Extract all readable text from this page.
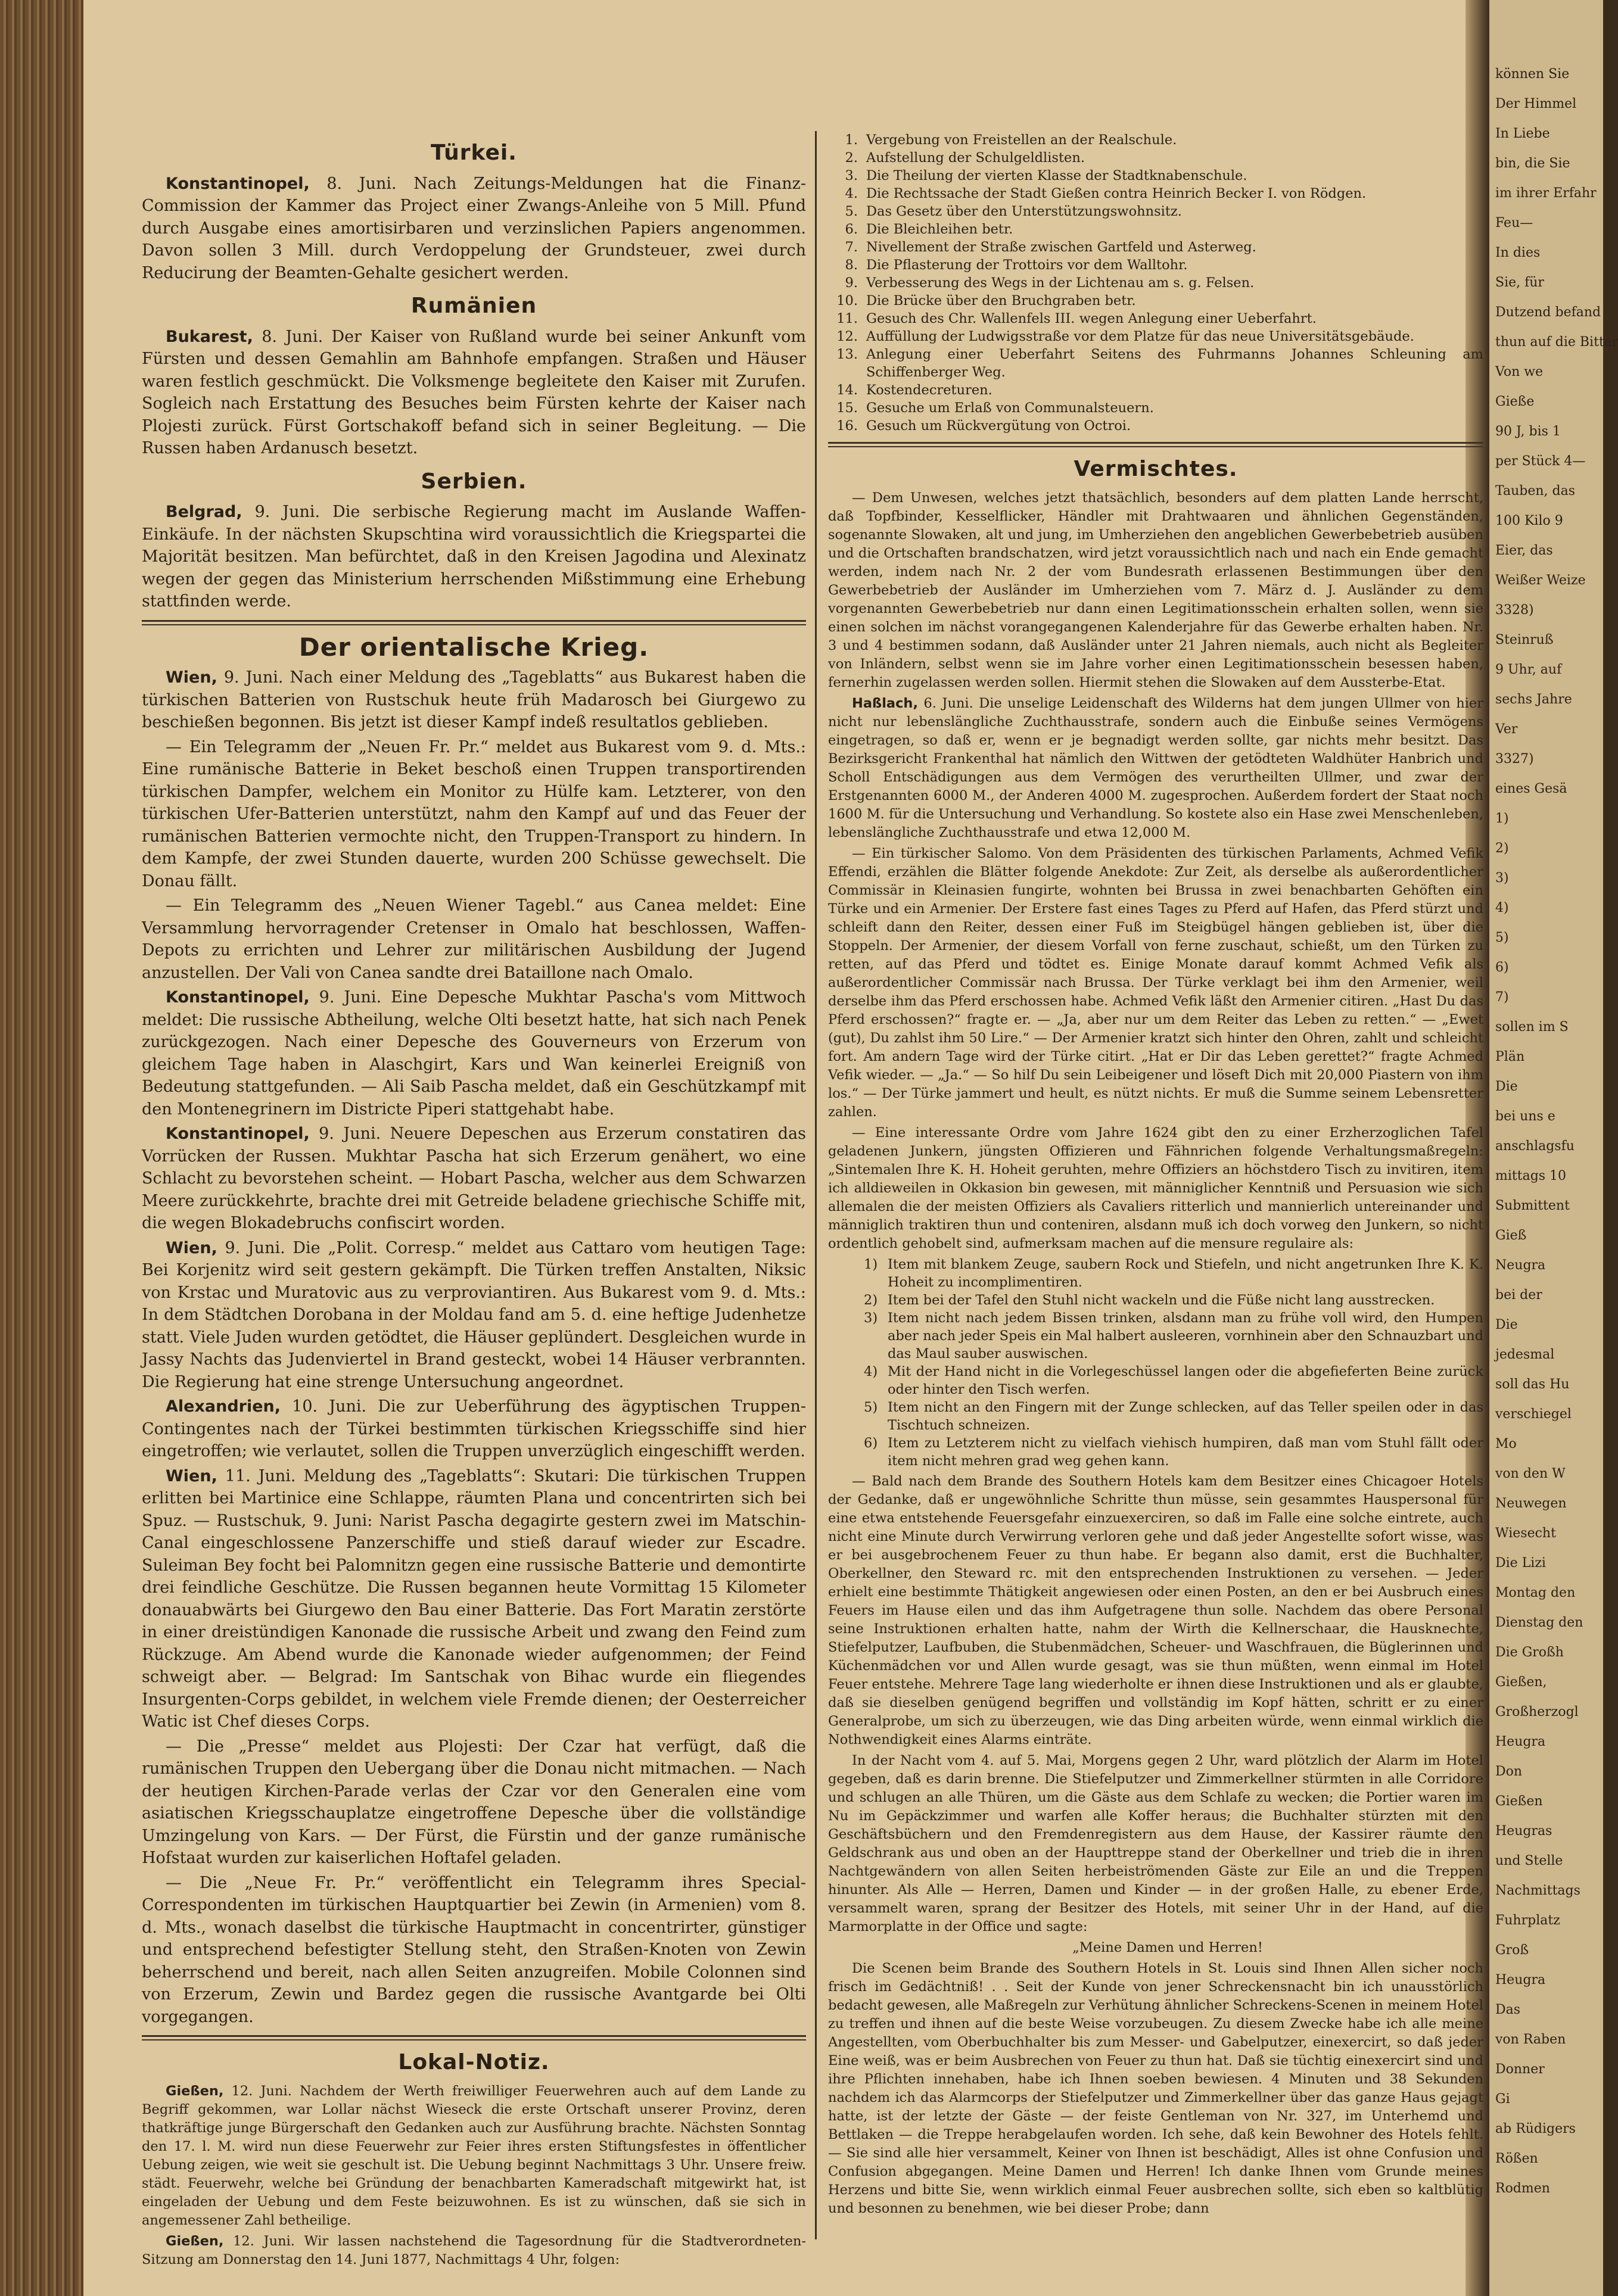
können Sie
Der Himmel
In Liebe
bin, die Sie
im ihrer Erfahr
Feu—
In dies
Sie, für
Dutzend befand
thun auf die Bitter
Von we
Gieße
90 J, bis 1
per Stück 4—
Tauben, das
100 Kilo 9
Eier, das
Weißer Weize
3328)
Steinruß
9 Uhr, auf
sechs Jahre
Ver
3327)
eines Gesä
1)
2)
3)
4)
5)
6)
7)
sollen im S
Plän
Die
bei uns e
anschlagsfu
mittags 10
Submittent
Gieß
Neugra
bei der
Die
jedesmal
soll das Hu
verschiegel
Mo
von den W
Neuwegen
Wiesecht
Die Lizi
Montag den
Dienstag den
Die Großh
Gießen,
Großherzogl
Heugra
Don
Gießen
Heugras
und Stelle
Nachmittags
Fuhrplatz
Groß
Heugra
Das
von Raben
Donner
Gi
ab Rüdigers
Rößen
Rodmen
Türkei.

Konstantinopel, 8. Juni. Nach Zeitungs-Meldungen hat die Finanz-Commission der Kammer das Project einer Zwangs-Anleihe von 5 Mill. Pfund durch Ausgabe eines amortisirbaren und verzinslichen Papiers angenommen. Davon sollen 3 Mill. durch Verdoppelung der Grundsteuer, zwei durch Reducirung der Beamten-Gehalte gesichert werden.

Rumänien

Bukarest, 8. Juni. Der Kaiser von Rußland wurde bei seiner Ankunft vom Fürsten und dessen Gemahlin am Bahnhofe empfangen. Straßen und Häuser waren festlich geschmückt. Die Volksmenge begleitete den Kaiser mit Zurufen. Sogleich nach Erstattung des Besuches beim Fürsten kehrte der Kaiser nach Plojesti zurück. Fürst Gortschakoff befand sich in seiner Begleitung. — Die Russen haben Ardanusch besetzt.

Serbien.

Belgrad, 9. Juni. Die serbische Regierung macht im Auslande Waffen-Einkäufe. In der nächsten Skupschtina wird voraussichtlich die Kriegspartei die Majorität besitzen. Man befürchtet, daß in den Kreisen Jagodina und Alexinatz wegen der gegen das Ministerium herrschenden Mißstimmung eine Erhebung stattfinden werde.

Der orientalische Krieg.

Wien, 9. Juni. Nach einer Meldung des „Tageblatts“ aus Bukarest haben die türkischen Batterien von Rustschuk heute früh Madarosch bei Giurgewo zu beschießen begonnen. Bis jetzt ist dieser Kampf indeß resultatlos geblieben.

— Ein Telegramm der „Neuen Fr. Pr.“ meldet aus Bukarest vom 9. d. Mts.: Eine rumänische Batterie in Beket beschoß einen Truppen transportirenden türkischen Dampfer, welchem ein Monitor zu Hülfe kam. Letzterer, von den türkischen Ufer-Batterien unterstützt, nahm den Kampf auf und das Feuer der rumänischen Batterien vermochte nicht, den Truppen-Transport zu hindern. In dem Kampfe, der zwei Stunden dauerte, wurden 200 Schüsse gewechselt. Die Donau fällt.

— Ein Telegramm des „Neuen Wiener Tagebl.“ aus Canea meldet: Eine Versammlung hervorragender Cretenser in Omalo hat beschlossen, Waffen-Depots zu errichten und Lehrer zur militärischen Ausbildung der Jugend anzustellen. Der Vali von Canea sandte drei Bataillone nach Omalo.

Konstantinopel, 9. Juni. Eine Depesche Mukhtar Pascha's vom Mittwoch meldet: Die russische Abtheilung, welche Olti besetzt hatte, hat sich nach Penek zurückgezogen. Nach einer Depesche des Gouverneurs von Erzerum von gleichem Tage haben in Alaschgirt, Kars und Wan keinerlei Ereigniß von Bedeutung stattgefunden. — Ali Saib Pascha meldet, daß ein Geschützkampf mit den Montenegrinern im Districte Piperi stattgehabt habe.

Konstantinopel, 9. Juni. Neuere Depeschen aus Erzerum constatiren das Vorrücken der Russen. Mukhtar Pascha hat sich Erzerum genähert, wo eine Schlacht zu bevorstehen scheint. — Hobart Pascha, welcher aus dem Schwarzen Meere zurückkehrte, brachte drei mit Getreide beladene griechische Schiffe mit, die wegen Blokadebruchs confiscirt worden.

Wien, 9. Juni. Die „Polit. Corresp.“ meldet aus Cattaro vom heutigen Tage: Bei Korjenitz wird seit gestern gekämpft. Die Türken treffen Anstalten, Niksic von Krstac und Muratovic aus zu verproviantiren. Aus Bukarest vom 9. d. Mts.: In dem Städtchen Dorobana in der Moldau fand am 5. d. eine heftige Judenhetze statt. Viele Juden wurden getödtet, die Häuser geplündert. Desgleichen wurde in Jassy Nachts das Judenviertel in Brand gesteckt, wobei 14 Häuser verbrannten. Die Regierung hat eine strenge Untersuchung angeordnet.

Alexandrien, 10. Juni. Die zur Ueberführung des ägyptischen Truppen-Contingentes nach der Türkei bestimmten türkischen Kriegsschiffe sind hier eingetroffen; wie verlautet, sollen die Truppen unverzüglich eingeschifft werden.

Wien, 11. Juni. Meldung des „Tageblatts“: Skutari: Die türkischen Truppen erlitten bei Martinice eine Schlappe, räumten Plana und concentrirten sich bei Spuz. — Rustschuk, 9. Juni: Narist Pascha degagirte gestern zwei im Matschin-Canal eingeschlossene Panzerschiffe und stieß darauf wieder zur Escadre. Suleiman Bey focht bei Palomnitzn gegen eine russische Batterie und demontirte drei feindliche Geschütze. Die Russen begannen heute Vormittag 15 Kilometer donauabwärts bei Giurgewo den Bau einer Batterie. Das Fort Maratin zerstörte in einer dreistündigen Kanonade die russische Arbeit und zwang den Feind zum Rückzuge. Am Abend wurde die Kanonade wieder aufgenommen; der Feind schweigt aber. — Belgrad: Im Santschak von Bihac wurde ein fliegendes Insurgenten-Corps gebildet, in welchem viele Fremde dienen; der Oesterreicher Watic ist Chef dieses Corps.

— Die „Presse“ meldet aus Plojesti: Der Czar hat verfügt, daß die rumänischen Truppen den Uebergang über die Donau nicht mitmachen. — Nach der heutigen Kirchen-Parade verlas der Czar vor den Generalen eine vom asiatischen Kriegsschauplatze eingetroffene Depesche über die vollständige Umzingelung von Kars. — Der Fürst, die Fürstin und der ganze rumänische Hofstaat wurden zur kaiserlichen Hoftafel geladen.

— Die „Neue Fr. Pr.“ veröffentlicht ein Telegramm ihres Special-Correspondenten im türkischen Hauptquartier bei Zewin (in Armenien) vom 8. d. Mts., wonach daselbst die türkische Hauptmacht in concentrirter, günstiger und entsprechend befestigter Stellung steht, den Straßen-Knoten von Zewin beherrschend und bereit, nach allen Seiten anzugreifen. Mobile Colonnen sind von Erzerum, Zewin und Bardez gegen die russische Avantgarde bei Olti vorgegangen.

Lokal-Notiz.

Gießen, 12. Juni. Nachdem der Werth freiwilliger Feuerwehren auch auf dem Lande zu Begriff gekommen, war Lollar nächst Wieseck die erste Ortschaft unserer Provinz, deren thatkräftige junge Bürgerschaft den Gedanken auch zur Ausführung brachte. Nächsten Sonntag den 17. l. M. wird nun diese Feuerwehr zur Feier ihres ersten Stiftungsfestes in öffentlicher Uebung zeigen, wie weit sie geschult ist. Die Uebung beginnt Nachmittags 3 Uhr. Unsere freiw. städt. Feuerwehr, welche bei Gründung der benachbarten Kameradschaft mitgewirkt hat, ist eingeladen der Uebung und dem Feste beizuwohnen. Es ist zu wünschen, daß sie sich in angemessener Zahl betheilige.

Gießen, 12. Juni. Wir lassen nachstehend die Tagesordnung für die Stadtverordneten-Sitzung am Donnerstag den 14. Juni 1877, Nachmittags 4 Uhr, folgen:

1. Vergebung von Freistellen an der Realschule.
2. Aufstellung der Schulgeldlisten.
3. Die Theilung der vierten Klasse der Stadtknabenschule.
4. Die Rechtssache der Stadt Gießen contra Heinrich Becker I. von Rödgen.
5. Das Gesetz über den Unterstützungswohnsitz.
6. Die Bleichleihen betr.
7. Nivellement der Straße zwischen Gartfeld und Asterweg.
8. Die Pflasterung der Trottoirs vor dem Walltohr.
9. Verbesserung des Wegs in der Lichtenau am s. g. Felsen.
10. Die Brücke über den Bruchgraben betr.
11. Gesuch des Chr. Wallenfels III. wegen Anlegung einer Ueberfahrt.
12. Auffüllung der Ludwigsstraße vor dem Platze für das neue Universitätsgebäude.
13. Anlegung einer Ueberfahrt Seitens des Fuhrmanns Johannes Schleuning am Schiffenberger Weg.
14. Kostendecreturen.
15. Gesuche um Erlaß von Communalsteuern.
16. Gesuch um Rückvergütung von Octroi.
Vermischtes.

— Dem Unwesen, welches jetzt thatsächlich, besonders auf dem platten Lande herrscht, daß Topfbinder, Kesselflicker, Händler mit Drahtwaaren und ähnlichen Gegenständen, sogenannte Slowaken, alt und jung, im Umherziehen den angeblichen Gewerbebetrieb ausüben und die Ortschaften brandschatzen, wird jetzt voraussichtlich nach und nach ein Ende gemacht werden, indem nach Nr. 2 der vom Bundesrath erlassenen Bestimmungen über den Gewerbebetrieb der Ausländer im Umherziehen vom 7. März d. J. Ausländer zu dem vorgenannten Gewerbebetrieb nur dann einen Legitimationsschein erhalten sollen, wenn sie einen solchen im nächst vorangegangenen Kalenderjahre für das Gewerbe erhalten haben. Nr. 3 und 4 bestimmen sodann, daß Ausländer unter 21 Jahren niemals, auch nicht als Begleiter von Inländern, selbst wenn sie im Jahre vorher einen Legitimationsschein besessen haben, fernerhin zugelassen werden sollen. Hiermit stehen die Slowaken auf dem Aussterbe-Etat.

Haßlach, 6. Juni. Die unselige Leidenschaft des Wilderns hat dem jungen Ullmer von hier nicht nur lebenslängliche Zuchthausstrafe, sondern auch die Einbuße seines Vermögens eingetragen, so daß er, wenn er je begnadigt werden sollte, gar nichts mehr besitzt. Das Bezirksgericht Frankenthal hat nämlich den Wittwen der getödteten Waldhüter Hanbrich und Scholl Entschädigungen aus dem Vermögen des verurtheilten Ullmer, und zwar der Erstgenannten 6000 M., der Anderen 4000 M. zugesprochen. Außerdem fordert der Staat noch 1600 M. für die Untersuchung und Verhandlung. So kostete also ein Hase zwei Menschenleben, lebenslängliche Zuchthausstrafe und etwa 12,000 M.

— Ein türkischer Salomo. Von dem Präsidenten des türkischen Parlaments, Achmed Vefik Effendi, erzählen die Blätter folgende Anekdote: Zur Zeit, als derselbe als außerordentlicher Commissär in Kleinasien fungirte, wohnten bei Brussa in zwei benachbarten Gehöften ein Türke und ein Armenier. Der Erstere fast eines Tages zu Pferd auf Hafen, das Pferd stürzt und schleift dann den Reiter, dessen einer Fuß im Steigbügel hängen geblieben ist, über die Stoppeln. Der Armenier, der diesem Vorfall von ferne zuschaut, schießt, um den Türken zu retten, auf das Pferd und tödtet es. Einige Monate darauf kommt Achmed Vefik als außerordentlicher Commissär nach Brussa. Der Türke verklagt bei ihm den Armenier, weil derselbe ihm das Pferd erschossen habe. Achmed Vefik läßt den Armenier citiren. „Hast Du das Pferd erschossen?“ fragte er. — „Ja, aber nur um dem Reiter das Leben zu retten.“ — „Ewet (gut), Du zahlst ihm 50 Lire.“ — Der Armenier kratzt sich hinter den Ohren, zahlt und schleicht fort. Am andern Tage wird der Türke citirt. „Hat er Dir das Leben gerettet?“ fragte Achmed Vefik wieder. — „Ja.“ — So hilf Du sein Leibeigener und löseft Dich mit 20,000 Piastern von ihm los.“ — Der Türke jammert und heult, es nützt nichts. Er muß die Summe seinem Lebensretter zahlen.

— Eine interessante Ordre vom Jahre 1624 gibt den zu einer Erzherzoglichen Tafel geladenen Junkern, jüngsten Offizieren und Fähnrichen folgende Verhaltungsmaßregeln: „Sintemalen Ihre K. H. Hoheit geruhten, mehre Offiziers an höchstdero Tisch zu invitiren, item ich alldieweilen in Okkasion bin gewesen, mit männiglicher Kenntniß und Persuasion wie sich allemalen die der meisten Offiziers als Cavaliers ritterlich und mannierlich untereinander und männiglich traktiren thun und conteniren, alsdann muß ich doch vorweg den Junkern, so nicht ordentlich gehobelt sind, aufmerksam machen auf die mensure regulaire als:

1) Item mit blankem Zeuge, saubern Rock und Stiefeln, und nicht angetrunken Ihre K. K. Hoheit zu incomplimentiren.
2) Item bei der Tafel den Stuhl nicht wackeln und die Füße nicht lang ausstrecken.
3) Item nicht nach jedem Bissen trinken, alsdann man zu frühe voll wird, den Humpen aber nach jeder Speis ein Mal halbert ausleeren, vornhinein aber den Schnauzbart und das Maul sauber auswischen.
4) Mit der Hand nicht in die Vorlegeschüssel langen oder die abgefieferten Beine zurück oder hinter den Tisch werfen.
5) Item nicht an den Fingern mit der Zunge schlecken, auf das Teller speilen oder in das Tischtuch schneizen.
6) Item zu Letzterem nicht zu vielfach viehisch humpiren, daß man vom Stuhl fällt oder item nicht mehren grad weg gehen kann.

— Bald nach dem Brande des Southern Hotels kam dem Besitzer eines Chicagoer Hotels der Gedanke, daß er ungewöhnliche Schritte thun müsse, sein gesammtes Hauspersonal für eine etwa entstehende Feuersgefahr einzuexerciren, so daß im Falle eine solche eintrete, auch nicht eine Minute durch Verwirrung verloren gehe und daß jeder Angestellte sofort wisse, was er bei ausgebrochenem Feuer zu thun habe. Er begann also damit, erst die Buchhalter, Oberkellner, den Steward rc. mit den entsprechenden Instruktionen zu versehen. — Jeder erhielt eine bestimmte Thätigkeit angewiesen oder einen Posten, an den er bei Ausbruch eines Feuers im Hause eilen und das ihm Aufgetragene thun solle. Nachdem das obere Personal seine Instruktionen erhalten hatte, nahm der Wirth die Kellnerschaar, die Hausknechte, Stiefelputzer, Laufbuben, die Stubenmädchen, Scheuer- und Waschfrauen, die Büglerinnen und Küchenmädchen vor und Allen wurde gesagt, was sie thun müßten, wenn einmal im Hotel Feuer entstehe. Mehrere Tage lang wiederholte er ihnen diese Instruktionen und als er glaubte, daß sie dieselben genügend begriffen und vollständig im Kopf hätten, schritt er zu einer Generalprobe, um sich zu überzeugen, wie das Ding arbeiten würde, wenn einmal wirklich die Nothwendigkeit eines Alarms einträte.

In der Nacht vom 4. auf 5. Mai, Morgens gegen 2 Uhr, ward plötzlich der Alarm im Hotel gegeben, daß es darin brenne. Die Stiefelputzer und Zimmerkellner stürmten in alle Corridore und schlugen an alle Thüren, um die Gäste aus dem Schlafe zu wecken; die Portier waren im Nu im Gepäckzimmer und warfen alle Koffer heraus; die Buchhalter stürzten mit den Geschäftsbüchern und den Fremdenregistern aus dem Hause, der Kassirer räumte den Geldschrank aus und oben an der Haupttreppe stand der Oberkellner und trieb die in ihren Nachtgewändern von allen Seiten herbeiströmenden Gäste zur Eile an und die Treppen hinunter. Als Alle — Herren, Damen und Kinder — in der großen Halle, zu ebener Erde, versammelt waren, sprang der Besitzer des Hotels, mit seiner Uhr in der Hand, auf die Marmorplatte in der Office und sagte:

„Meine Damen und Herren!

Die Scenen beim Brande des Southern Hotels in St. Louis sind Ihnen Allen sicher noch frisch im Gedächtniß! . . Seit der Kunde von jener Schreckensnacht bin ich unausstörlich bedacht gewesen, alle Maßregeln zur Verhütung ähnlicher Schreckens-Scenen in meinem Hotel zu treffen und ihnen auf die beste Weise vorzubeugen. Zu diesem Zwecke habe ich alle meine Angestellten, vom Oberbuchhalter bis zum Messer- und Gabelputzer, einexercirt, so daß jeder Eine weiß, was er beim Ausbrechen von Feuer zu thun hat. Daß sie tüchtig einexercirt sind und ihre Pflichten innehaben, habe ich Ihnen soeben bewiesen. 4 Minuten und 38 Sekunden nachdem ich das Alarmcorps der Stiefelputzer und Zimmerkellner über das ganze Haus gejagt hatte, ist der letzte der Gäste — der feiste Gentleman von Nr. 327, im Unterhemd und Bettlaken — die Treppe herabgelaufen worden. Ich sehe, daß kein Bewohner des Hotels fehlt. — Sie sind alle hier versammelt, Keiner von Ihnen ist beschädigt, Alles ist ohne Confusion und Confusion abgegangen. Meine Damen und Herren! Ich danke Ihnen vom Grunde meines Herzens und bitte Sie, wenn wirklich einmal Feuer ausbrechen sollte, sich eben so kaltblütig und besonnen zu benehmen, wie bei dieser Probe; dann
